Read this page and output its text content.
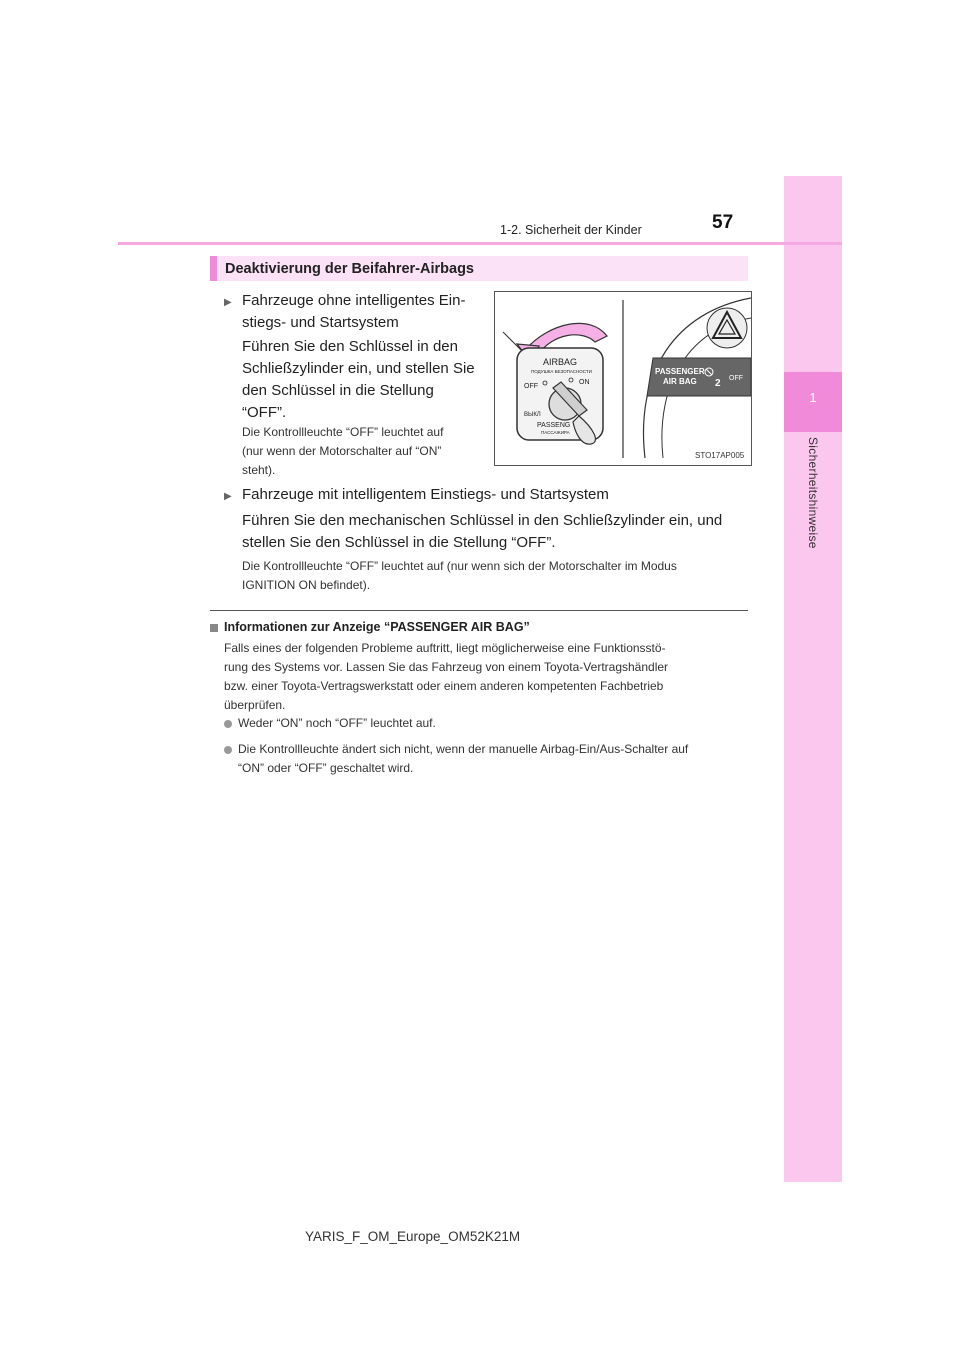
1
Sicherheitshinweise
1-2. Sicherheit der Kinder	57
Deaktivierung der Beifahrer-Airbags
▶ Fahrzeuge ohne intelligentes Ein-
stiegs- und Startsystem
Führen Sie den Schlüssel in den
Schließzylinder ein, und stellen Sie
den Schlüssel in die Stellung
“OFF”.
Die Kontrollleuchte “OFF” leuchtet auf
(nur wenn der Motorschalter auf “ON”
steht).
AIRBAG
ПОДУШКА БЕЗОПАСНОСТИ
OFF
ON
ВЫКЛ
PASSENG
ПАССАЖИРА
PASSENGER
AIR BAG 2 OFF
STO17AP005
▶ Fahrzeuge mit intelligentem Einstiegs- und Startsystem
Führen Sie den mechanischen Schlüssel in den Schließzylinder ein, und
stellen Sie den Schlüssel in die Stellung “OFF”.
Die Kontrollleuchte “OFF” leuchtet auf (nur wenn sich der Motorschalter im Modus
IGNITION ON befindet).
Informationen zur Anzeige “PASSENGER AIR BAG”
Falls eines der folgenden Probleme auftritt, liegt möglicherweise eine Funktionsstö-
rung des Systems vor. Lassen Sie das Fahrzeug von einem Toyota-Vertragshändler
bzw. einer Toyota-Vertragswerkstatt oder einem anderen kompetenten Fachbetrieb
überprüfen.
Weder “ON” noch “OFF” leuchtet auf.
Die Kontrollleuchte ändert sich nicht, wenn der manuelle Airbag-Ein/Aus-Schalter auf
“ON” oder “OFF” geschaltet wird.
YARIS_F_OM_Europe_OM52K21M
